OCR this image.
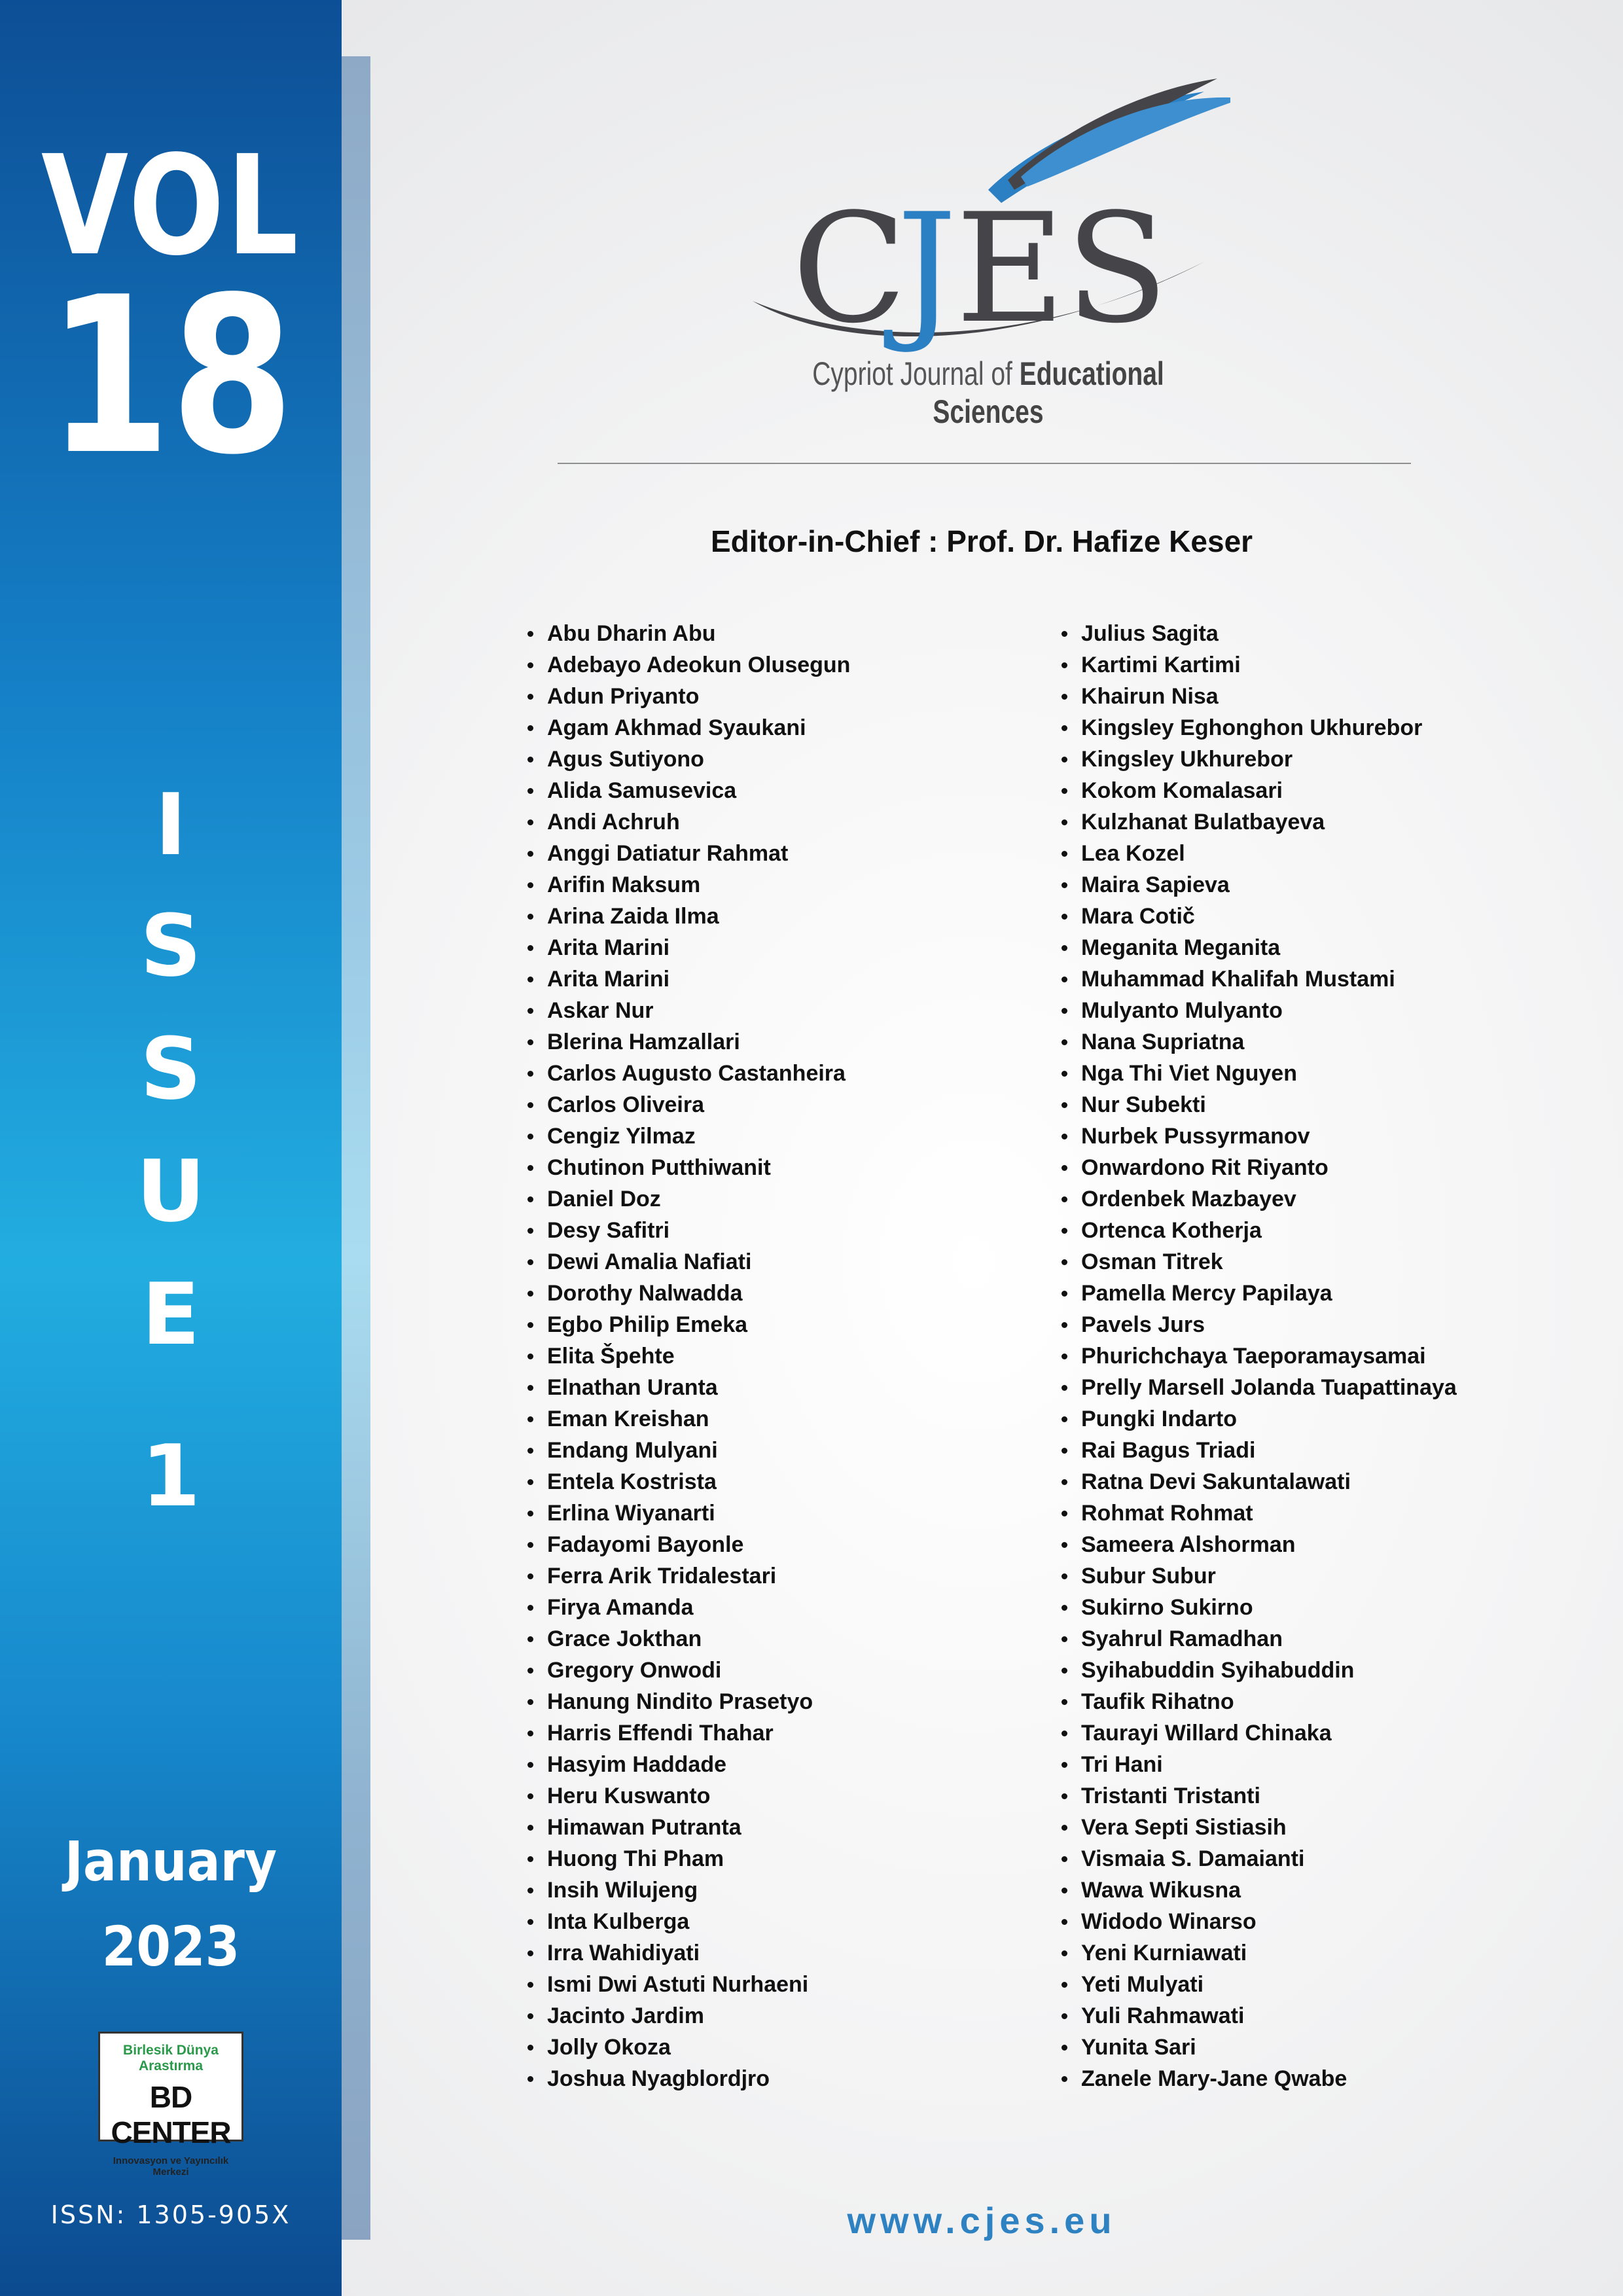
VOL
18
I
S
S
U
E
1
January
2023
Birlesik Dünya Arastırma
BD CENTER
Innovasyon ve Yayıncılık Merkezi
ISSN: 1305-905X
C
J
ES
Cypriot Journal of Educational Sciences
Editor-in-Chief : Prof. Dr. Hafize Keser
Abu Dharin Abu
Adebayo Adeokun Olusegun
Adun Priyanto
Agam Akhmad Syaukani
Agus Sutiyono
Alida Samusevica
Andi Achruh
Anggi Datiatur Rahmat
Arifin Maksum
Arina Zaida Ilma
Arita Marini
Arita Marini
Askar Nur
Blerina Hamzallari
Carlos Augusto Castanheira
Carlos Oliveira
Cengiz Yilmaz
Chutinon Putthiwanit
Daniel Doz
Desy Safitri
Dewi Amalia Nafiati
Dorothy Nalwadda
Egbo Philip Emeka
Elita Špehte
Elnathan Uranta
Eman Kreishan
Endang Mulyani
Entela Kostrista
Erlina Wiyanarti
Fadayomi Bayonle
Ferra Arik Tridalestari
Firya Amanda
Grace Jokthan
Gregory Onwodi
Hanung Nindito Prasetyo
Harris Effendi Thahar
Hasyim Haddade
Heru Kuswanto
Himawan Putranta
Huong Thi Pham
Insih Wilujeng
Inta Kulberga
Irra Wahidiyati
Ismi Dwi Astuti Nurhaeni
Jacinto Jardim
Jolly Okoza
Joshua Nyagblordjro
Julius Sagita
Kartimi Kartimi
Khairun Nisa
Kingsley Eghonghon Ukhurebor
Kingsley Ukhurebor
Kokom Komalasari
Kulzhanat Bulatbayeva
Lea Kozel
Maira Sapieva
Mara Cotič
Meganita Meganita
Muhammad Khalifah Mustami
Mulyanto Mulyanto
Nana Supriatna
Nga Thi Viet Nguyen
Nur Subekti
Nurbek Pussyrmanov
Onwardono Rit Riyanto
Ordenbek Mazbayev
Ortenca Kotherja
Osman Titrek
Pamella Mercy Papilaya
Pavels Jurs
Phurichchaya Taeporamaysamai
Prelly Marsell Jolanda Tuapattinaya
Pungki Indarto
Rai Bagus Triadi
Ratna Devi Sakuntalawati
Rohmat Rohmat
Sameera Alshorman
Subur Subur
Sukirno Sukirno
Syahrul Ramadhan
Syihabuddin Syihabuddin
Taufik Rihatno
Taurayi Willard Chinaka
Tri Hani
Tristanti Tristanti
Vera Septi Sistiasih
Vismaia S. Damaianti
Wawa Wikusna
Widodo Winarso
Yeni Kurniawati
Yeti Mulyati
Yuli Rahmawati
Yunita Sari
Zanele Mary-Jane Qwabe
www.cjes.eu
